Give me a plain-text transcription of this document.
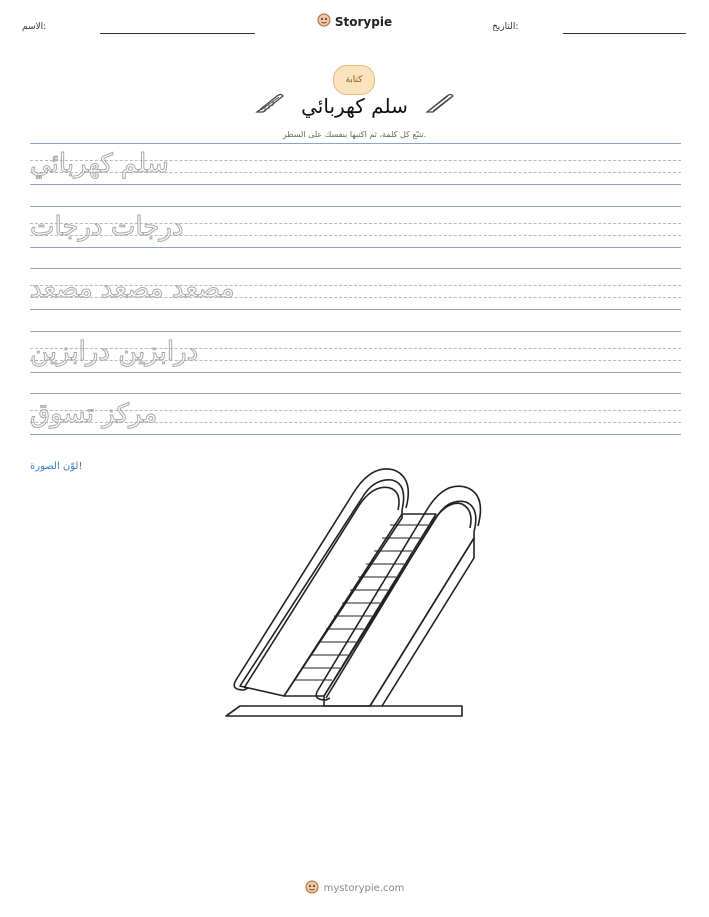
الاسم:	Storypie	التاريخ:
كتابة
سلم كهربائي
تتبّع كل كلمة، ثم اكتبها بنفسك على السطر.
سلم كهربائي
درجات درجات
مصعد مصعد مصعد
درابزين درابزين
مركز تسوق
لوّن الصورة!
mystorypie.com
